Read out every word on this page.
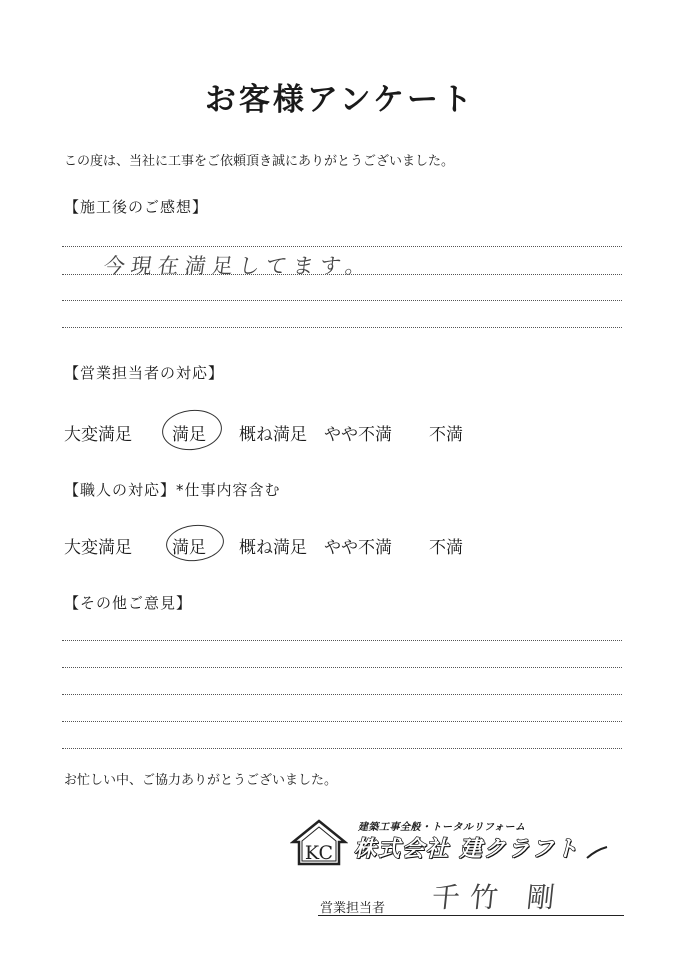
お客様アンケート
この度は、当社に工事をご依頼頂き誠にありがとうございました。
【施工後のご感想】
今現在満足してます。
【営業担当者の対応】
大変満足 満足 概ね満足 やや不満 不満
【職人の対応】*仕事内容含む
大変満足 満足 概ね満足 やや不満 不満
【その他ご意見】
お忙しい中、ご協力ありがとうございました。
KC
建築工事全般・トータルリフォーム
株式会社 建クラフト
営業担当者 千竹 剛
